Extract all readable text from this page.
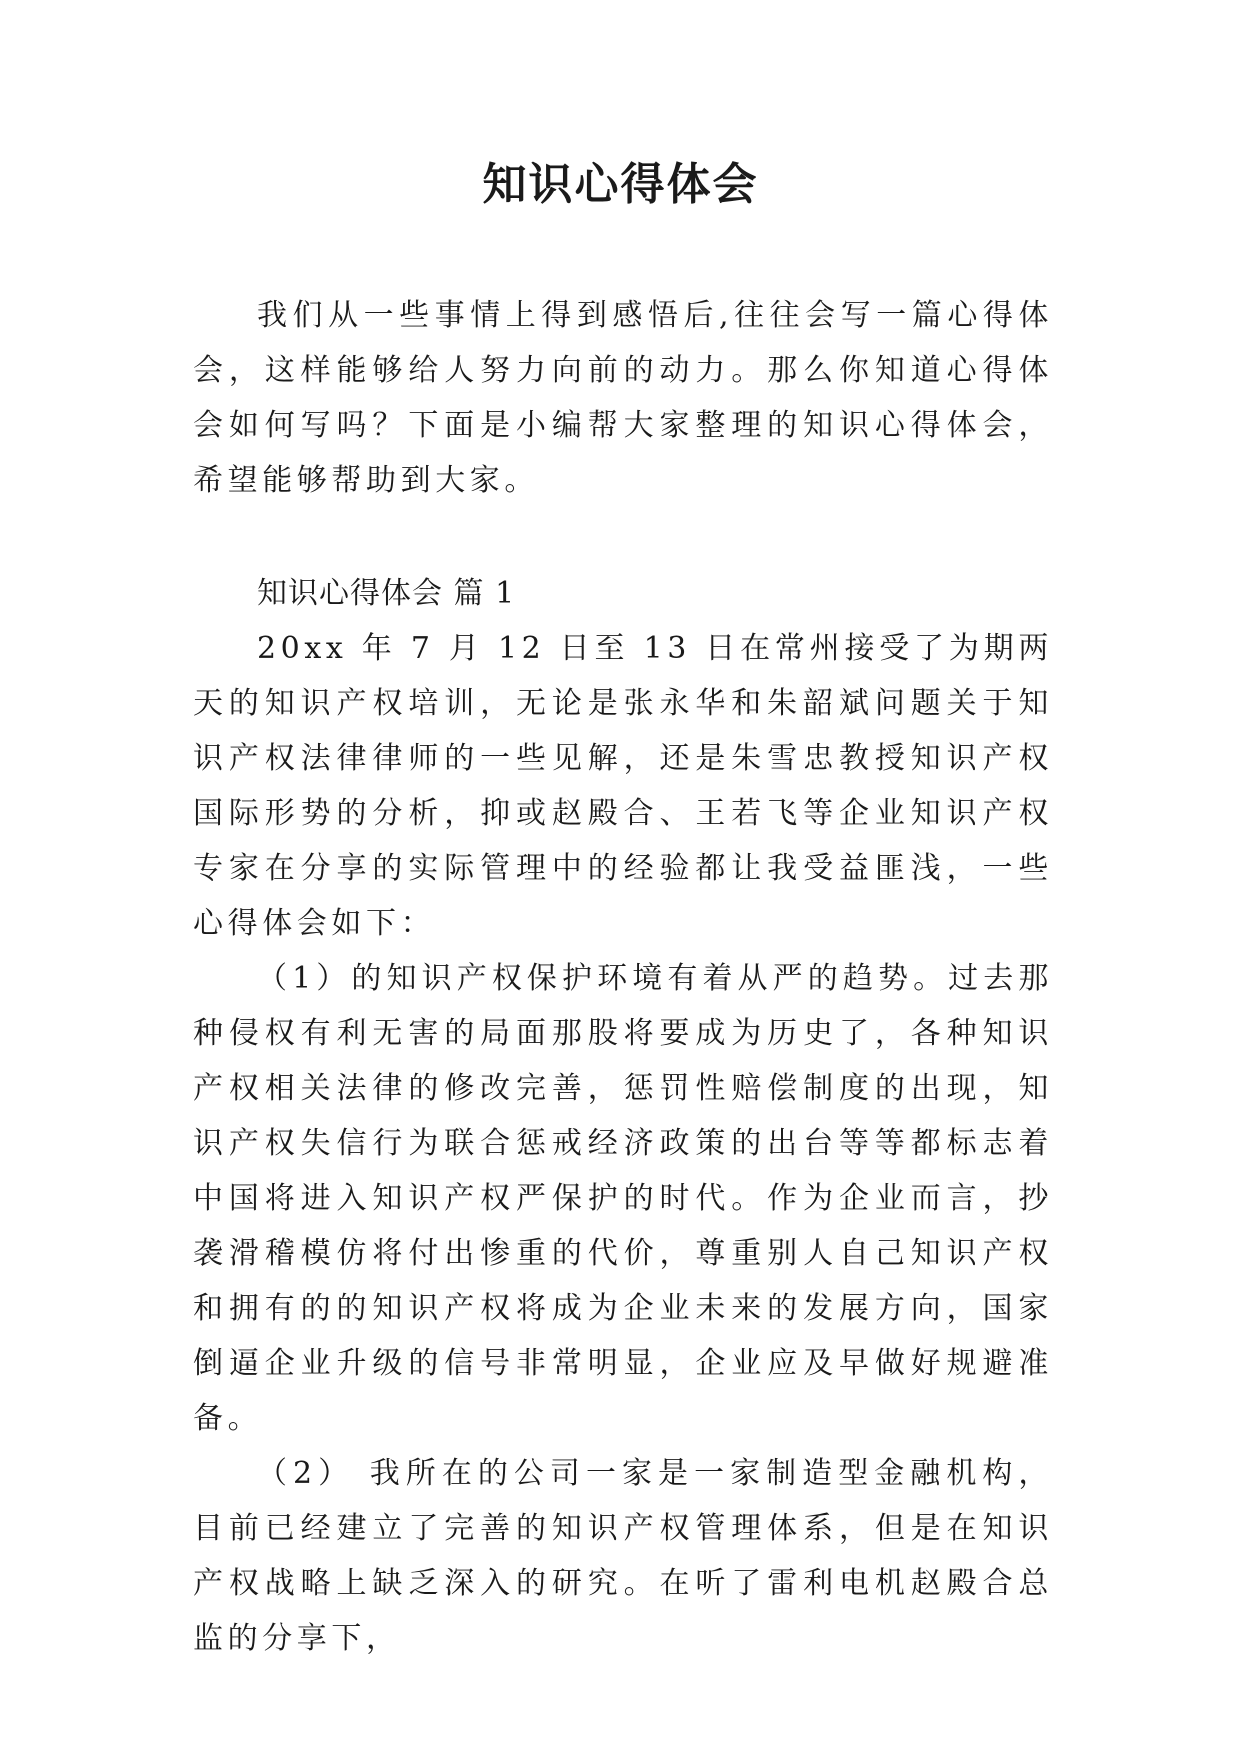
知识心得体会

我们从一些事情上得到感悟后,往往会写一篇心得体会，这样能够给人努力向前的动力。那么你知道心得体会如何写吗？下面是小编帮大家整理的知识心得体会，希望能够帮助到大家。

知识心得体会 篇 1

20xx 年 7 月 12 日至 13 日在常州接受了为期两天的知识产权培训，无论是张永华和朱韶斌问题关于知识产权法律律师的一些见解，还是朱雪忠教授知识产权国际形势的分析，抑或赵殿合、王若飞等企业知识产权专家在分享的实际管理中的经验都让我受益匪浅，一些心得体会如下：

（1）的知识产权保护环境有着从严的趋势。过去那种侵权有利无害的局面那股将要成为历史了，各种知识产权相关法律的修改完善，惩罚性赔偿制度的出现，知识产权失信行为联合惩戒经济政策的出台等等都标志着中国将进入知识产权严保护的时代。作为企业而言，抄袭滑稽模仿将付出惨重的代价，尊重别人自己知识产权和拥有的的知识产权将成为企业未来的发展方向，国家倒逼企业升级的信号非常明显，企业应及早做好规避准备。

（2） 我所在的公司一家是一家制造型金融机构，目前已经建立了完善的知识产权管理体系，但是在知识产权战略上缺乏深入的研究。在听了雷利电机赵殿合总监的分享下，
